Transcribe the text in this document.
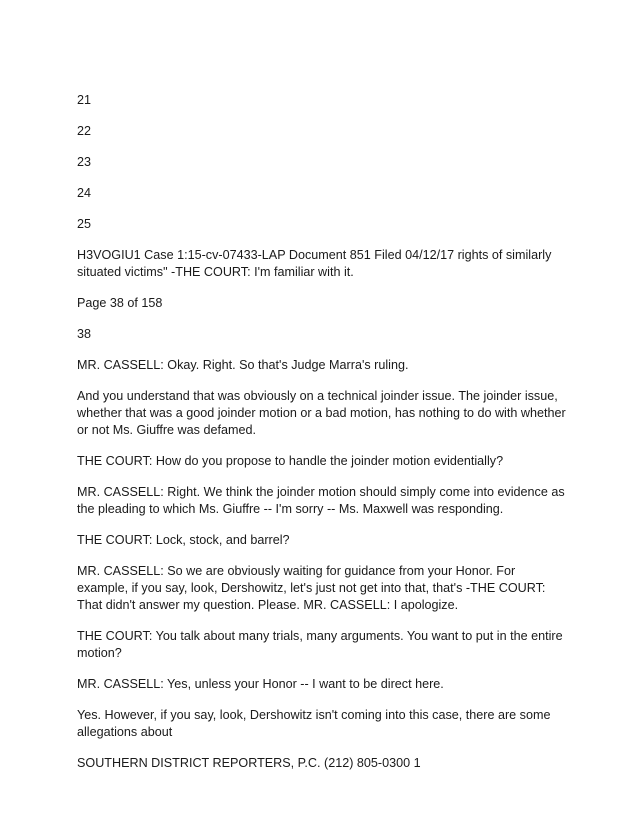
21
22
23
24
25
H3VOGIU1 Case 1:15-cv-07433-LAP Document 851 Filed 04/12/17 rights of similarly situated victims" -THE COURT: I'm familiar with it.
Page 38 of 158
38
MR. CASSELL: Okay. Right. So that's Judge Marra's ruling.
And you understand that was obviously on a technical joinder issue. The joinder issue, whether that was a good joinder motion or a bad motion, has nothing to do with whether or not Ms. Giuffre was defamed.
THE COURT: How do you propose to handle the joinder motion evidentially?
MR. CASSELL: Right. We think the joinder motion should simply come into evidence as the pleading to which Ms. Giuffre -- I'm sorry -- Ms. Maxwell was responding.
THE COURT: Lock, stock, and barrel?
MR. CASSELL: So we are obviously waiting for guidance from your Honor. For example, if you say, look, Dershowitz, let's just not get into that, that's -THE COURT: That didn't answer my question. Please. MR. CASSELL: I apologize.
THE COURT: You talk about many trials, many arguments. You want to put in the entire motion?
MR. CASSELL: Yes, unless your Honor -- I want to be direct here.
Yes. However, if you say, look, Dershowitz isn't coming into this case, there are some allegations about
SOUTHERN DISTRICT REPORTERS, P.C. (212) 805-0300 1
